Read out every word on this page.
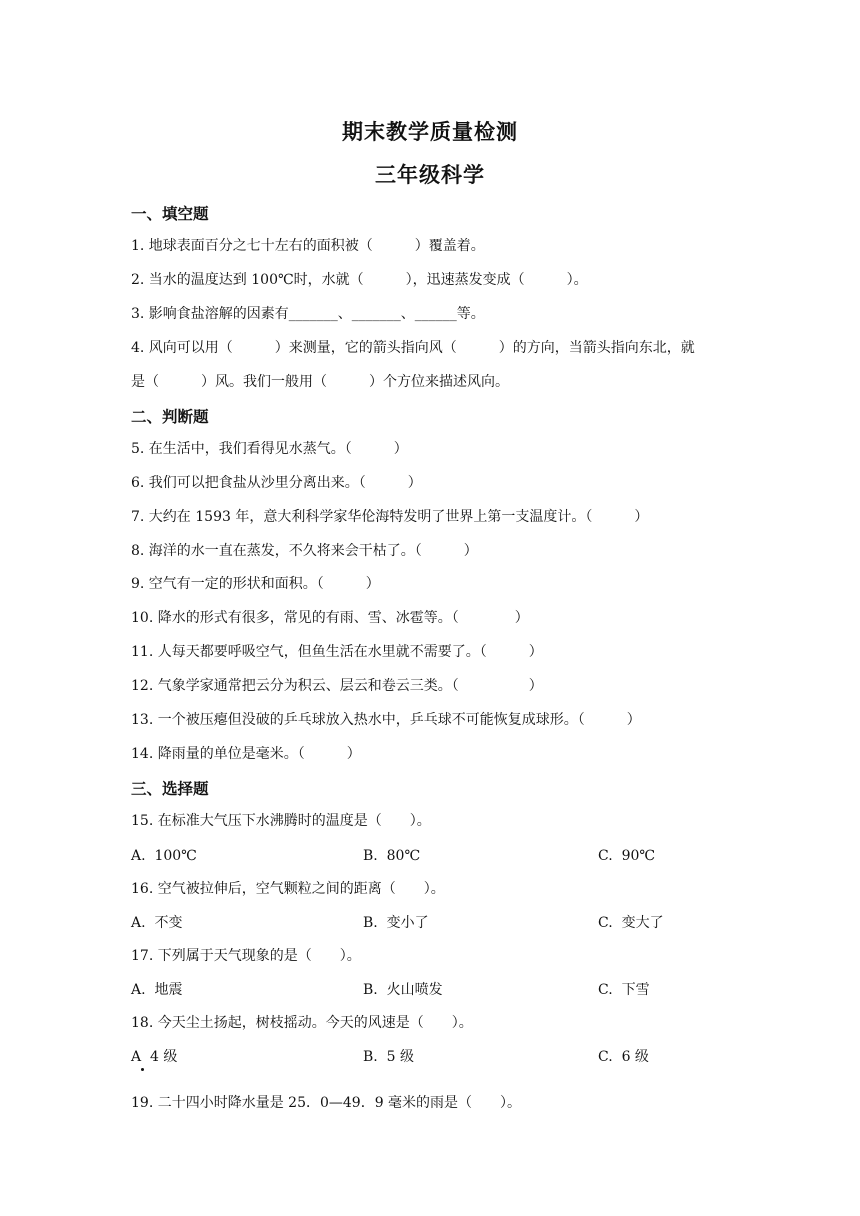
期末教学质量检测
三年级科学
一、填空题
1. 地球表面百分之七十左右的面积被（　　　）覆盖着。
2. 当水的温度达到 100℃时，水就（　　　），迅速蒸发变成（　　　）。
3. 影响食盐溶解的因素有_______、_______、______等。
4. 风向可以用（　　　）来测量，它的箭头指向风（　　　）的方向，当箭头指向东北，就
是（　　　）风。我们一般用（　　　）个方位来描述风向。
二、判断题
5. 在生活中，我们看得见水蒸气。（　　　）
6. 我们可以把食盐从沙里分离出来。（　　　）
7. 大约在 1593 年，意大利科学家华伦海特发明了世界上第一支温度计。（　　　）
8. 海洋的水一直在蒸发，不久将来会干枯了。（　　　）
9. 空气有一定的形状和面积。（　　　）
10. 降水的形式有很多，常见的有雨、雪、冰雹等。（　　　　）
11. 人每天都要呼吸空气，但鱼生活在水里就不需要了。（　　　）
12. 气象学家通常把云分为积云、层云和卷云三类。（　　　　　）
13. 一个被压瘪但没破的乒乓球放入热水中，乒乓球不可能恢复成球形。（　　　）
14. 降雨量的单位是毫米。（　　　）
三、选择题
15. 在标准大气压下水沸腾时的温度是（　　）。
A.  100℃	B.  80℃	C.  90℃
16. 空气被拉伸后，空气颗粒之间的距离（　　）。
A.  不变	B.  变小了	C.  变大了
17. 下列属于天气现象的是（　　）。
A.  地震	B.  火山喷发	C.  下雪
18. 今天尘土扬起，树枝摇动。今天的风速是（　　）。
A  4 级	B.  5 级	C.  6 级
19. 二十四小时降水量是 25．0—49．9 毫米的雨是（　　）。
